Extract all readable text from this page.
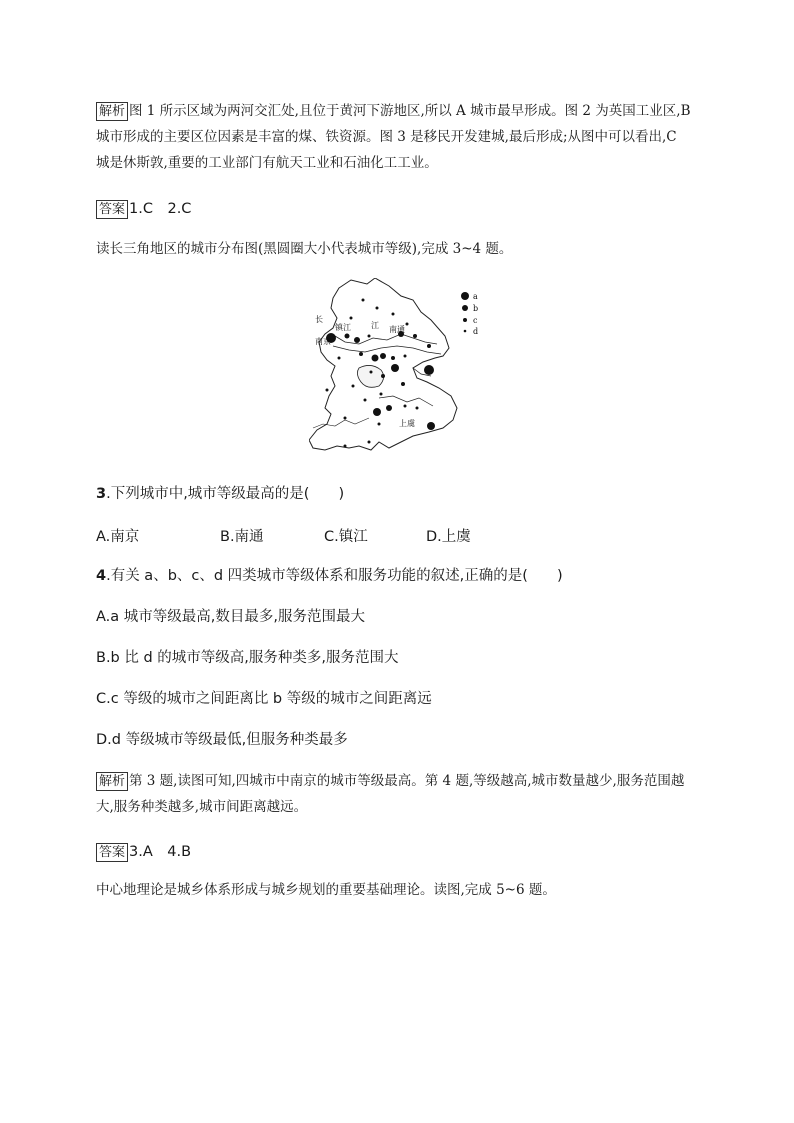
解析 图 1 所示区域为两河交汇处,且位于黄河下游地区,所以 A 城市最早形成。图 2 为英国工业区,B
城市形成的主要区位因素是丰富的煤、铁资源。图 3 是移民开发建城,最后形成;从图中可以看出,C
城是休斯敦,重要的工业部门有航天工业和石油化工工业。
答案 1.C　2.C
读长三角地区的城市分布图(黑圆圈大小代表城市等级),完成 3~4 题。
南京
长
镇江	江 南通
上虞
a
b
c
d
3.下列城市中,城市等级最高的是(　　)
A.南京	B.南通	C.镇江	D.上虞
4.有关 a、b、c、d 四类城市等级体系和服务功能的叙述,正确的是(　　)
A.a 城市等级最高,数目最多,服务范围最大
B.b 比 d 的城市等级高,服务种类多,服务范围大
C.c 等级的城市之间距离比 b 等级的城市之间距离远
D.d 等级城市等级最低,但服务种类最多
解析 第 3 题,读图可知,四城市中南京的城市等级最高。第 4 题,等级越高,城市数量越少,服务范围越
大,服务种类越多,城市间距离越远。
答案 3.A　4.B
中心地理论是城乡体系形成与城乡规划的重要基础理论。读图,完成 5~6 题。
